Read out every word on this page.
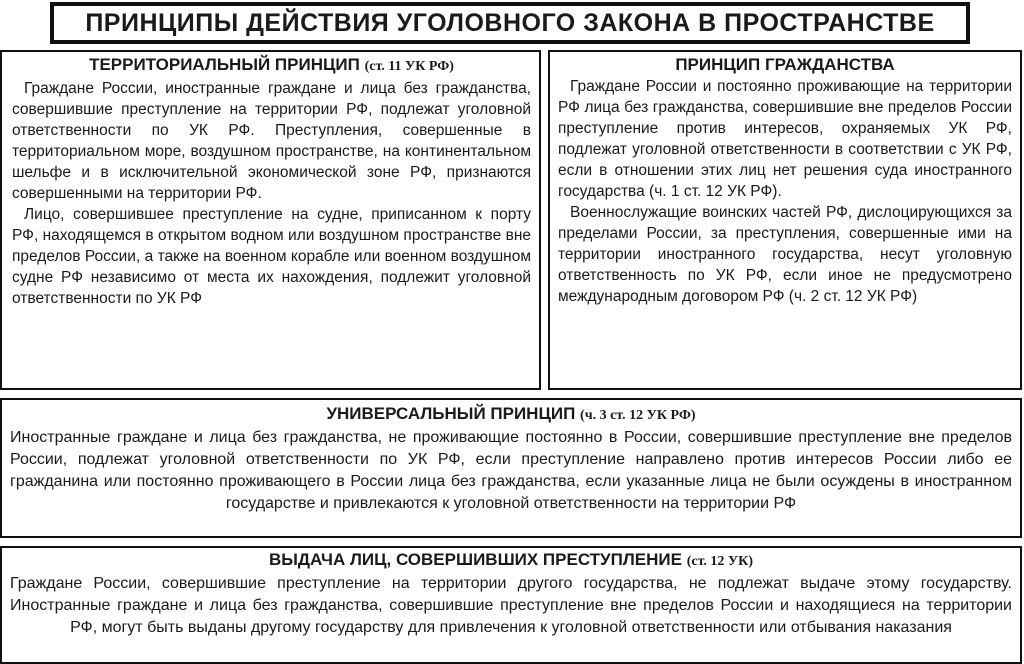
ПРИНЦИПЫ ДЕЙСТВИЯ УГОЛОВНОГО ЗАКОНА В ПРОСТРАНСТВЕ

ТЕРРИТОРИАЛЬНЫЙ ПРИНЦИП (ст. 11 УК РФ)

Граждане России, иностранные граждане и лица без гражданства, совершившие преступление на территории РФ, подлежат уголовной ответственности по УК РФ. Преступления, совершенные в территориальном море, воздушном пространстве, на континентальном шельфе и в исключительной экономической зоне РФ, признаются совершенными на территории РФ.

Лицо, совершившее преступление на судне, приписанном к порту РФ, находящемся в открытом водном или воздушном пространстве вне пределов России, а также на военном корабле или военном воздушном судне РФ независимо от места их нахождения, подлежит уголовной ответственности по УК РФ

ПРИНЦИП ГРАЖДАНСТВА

Граждане России и постоянно проживающие на территории РФ лица без гражданства, совершившие вне пределов России преступление против интересов, охраняемых УК РФ, подлежат уголовной ответственности в соответствии с УК РФ, если в отношении этих лиц нет решения суда иностранного государства (ч. 1 ст. 12 УК РФ).

Военнослужащие воинских частей РФ, дислоцирующихся за пределами России, за преступления, совершенные ими на территории иностранного государства, несут уголовную ответственность по УК РФ, если иное не предусмотрено международным договором РФ (ч. 2 ст. 12 УК РФ)

УНИВЕРСАЛЬНЫЙ ПРИНЦИП (ч. 3 ст. 12 УК РФ)

Иностранные граждане и лица без гражданства, не проживающие постоянно в России, совершившие преступление вне пределов России, подлежат уголовной ответственности по УК РФ, если преступление направлено против интересов России либо ее гражданина или постоянно проживающего в России лица без гражданства, если указанные лица не были осуждены в иностранном государстве и привлекаются к уголовной ответственности на территории РФ

ВЫДАЧА ЛИЦ, СОВЕРШИВШИХ ПРЕСТУПЛЕНИЕ (ст. 12 УК)

Граждане России, совершившие преступление на территории другого государства, не подлежат выдаче этому государству. Иностранные граждане и лица без гражданства, совершившие преступление вне пределов России и находящиеся на территории РФ, могут быть выданы другому государству для привлечения к уголовной ответственности или отбывания наказания
